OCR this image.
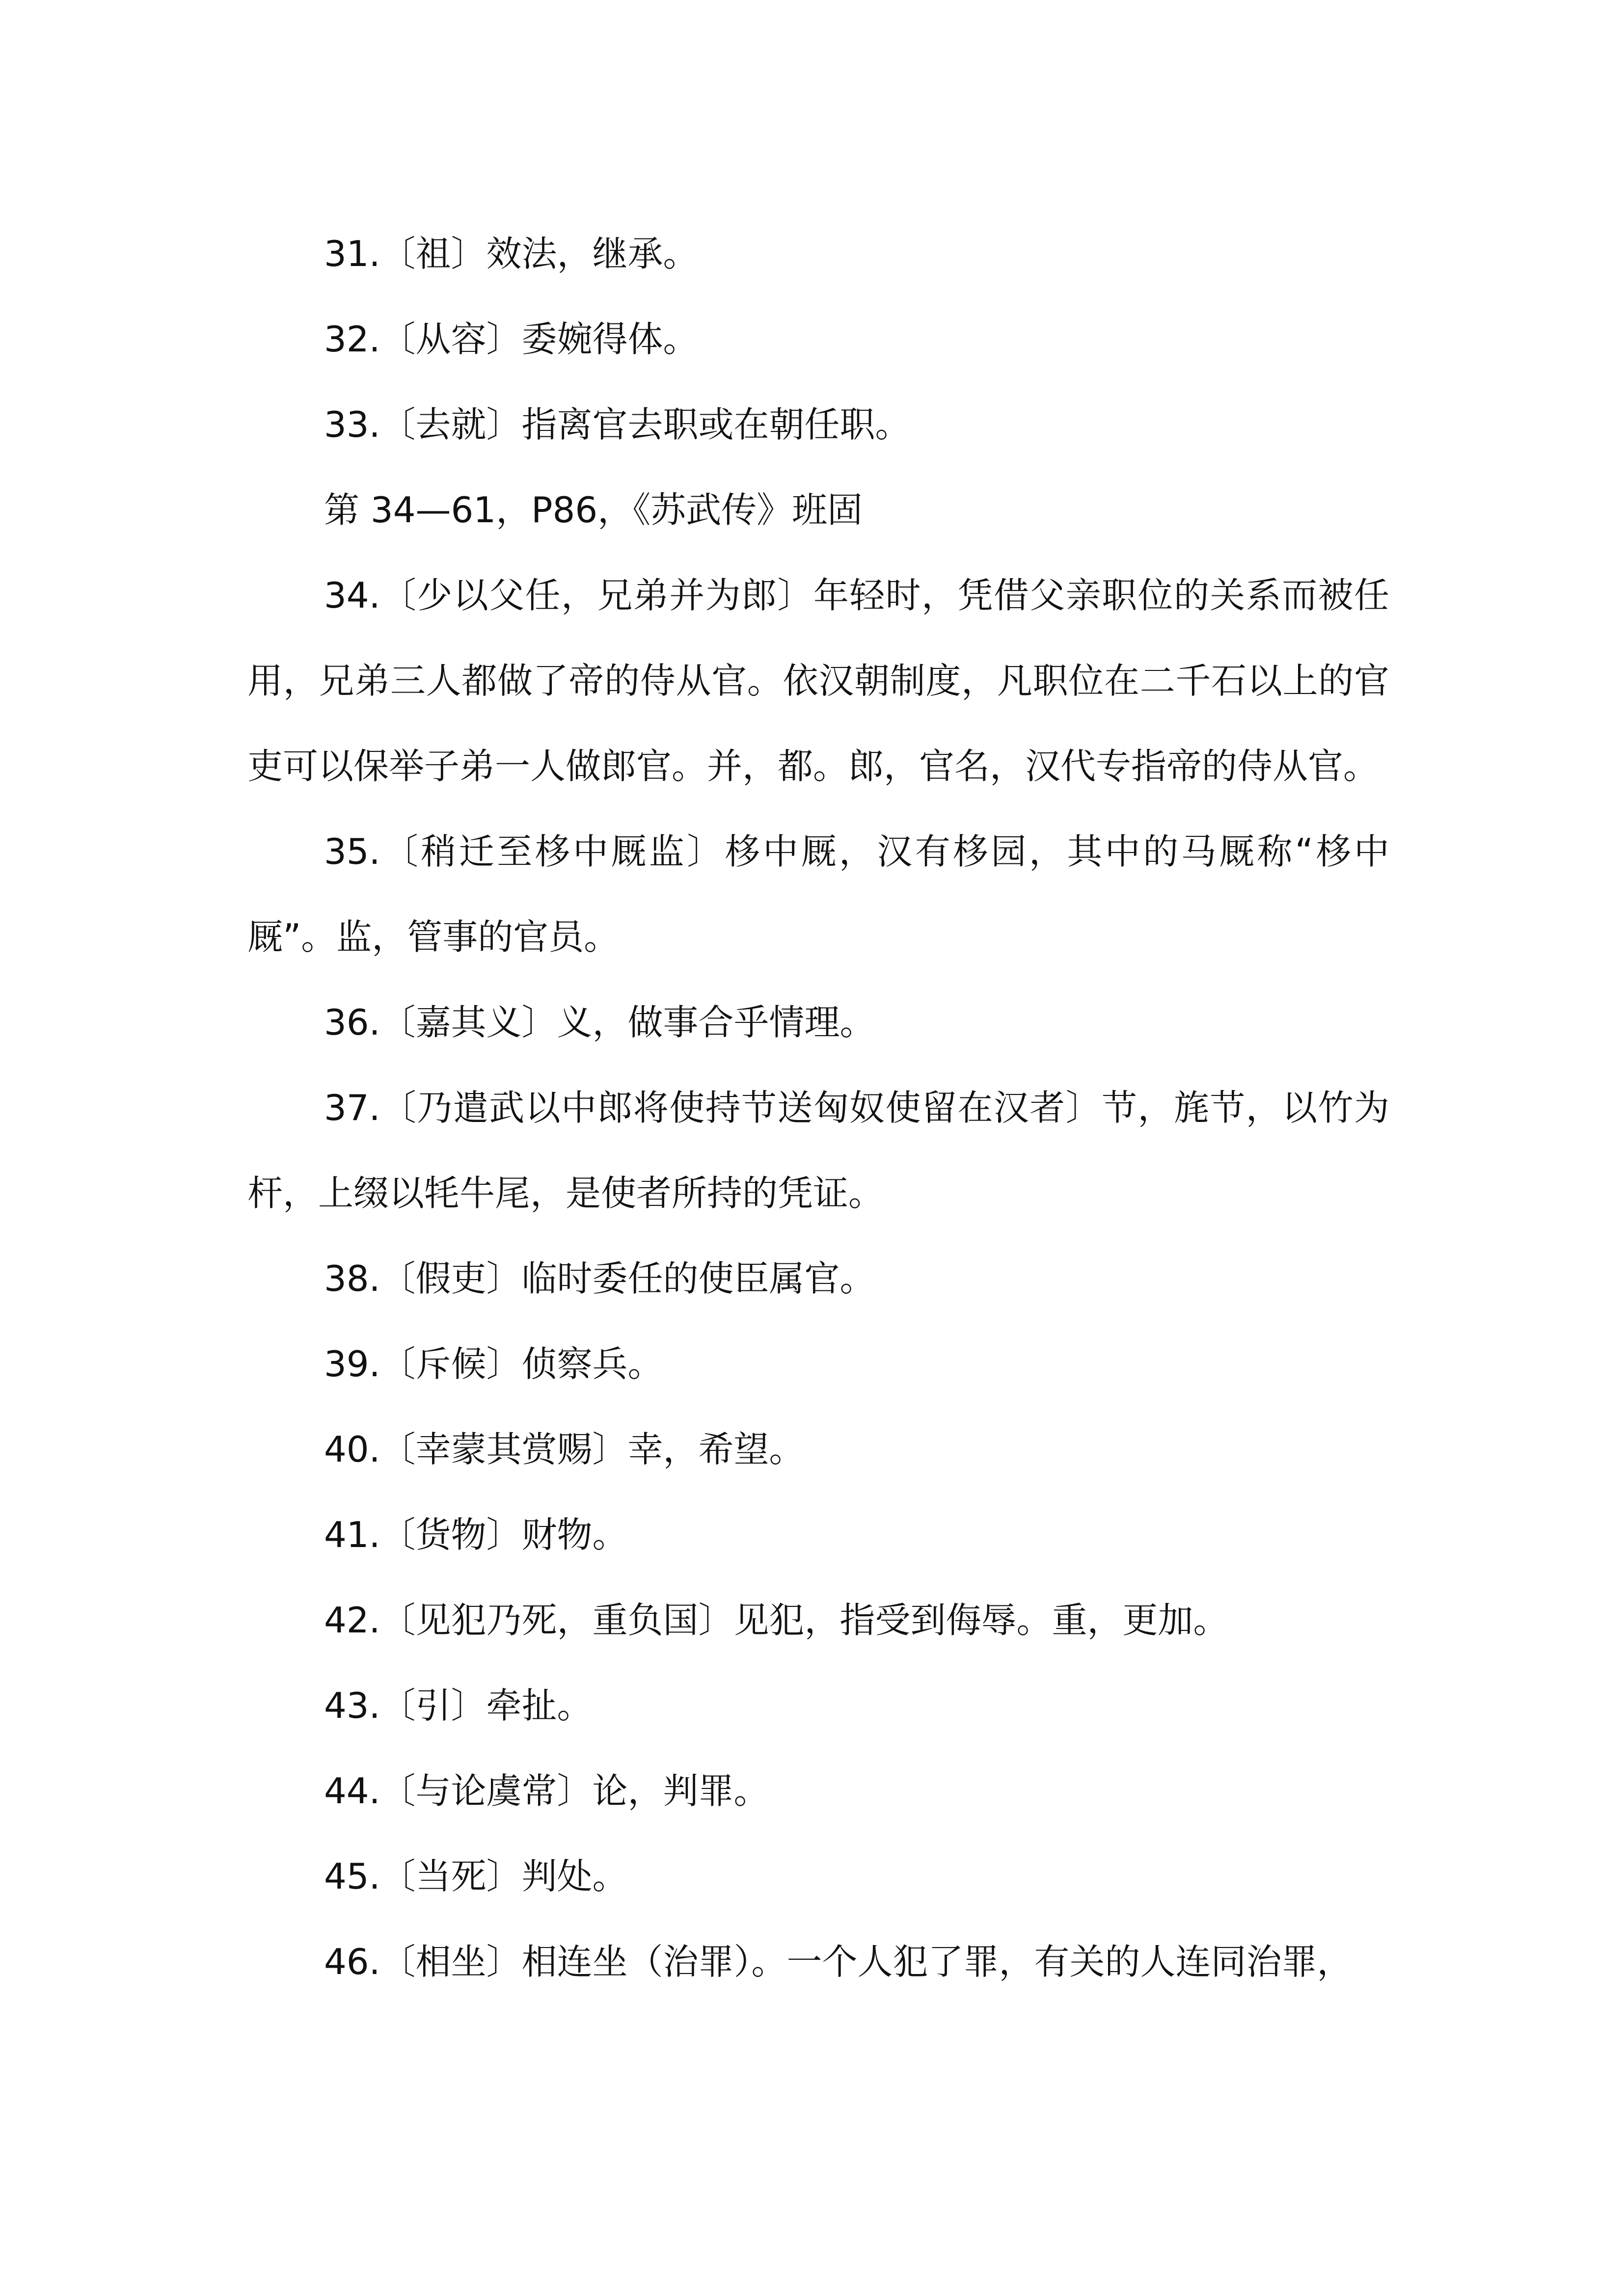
31.〔祖〕效法，继承。

32.〔从容〕委婉得体。

33.〔去就〕指离官去职或在朝任职。

第 34—61，P86，《苏武传》班固

34.〔少以父任，兄弟并为郎〕年轻时，凭借父亲职位的关系而被任用，兄弟三人都做了帝的侍从官。依汉朝制度，凡职位在二千石以上的官吏可以保举子弟一人做郎官。并，都。郎，官名，汉代专指帝的侍从官。

35.〔稍迁至栘中厩监〕栘中厩，汉有栘园，其中的马厩称“栘中厩”。监，管事的官员。

36.〔嘉其义〕义，做事合乎情理。

37.〔乃遣武以中郎将使持节送匈奴使留在汉者〕节，旄节，以竹为杆，上缀以牦牛尾，是使者所持的凭证。

38.〔假吏〕临时委任的使臣属官。

39.〔斥候〕侦察兵。

40.〔幸蒙其赏赐〕幸，希望。

41.〔货物〕财物。

42.〔见犯乃死，重负国〕见犯，指受到侮辱。重，更加。

43.〔引〕牵扯。

44.〔与论虞常〕论，判罪。

45.〔当死〕判处。

46.〔相坐〕相连坐（治罪）。一个人犯了罪，有关的人连同治罪，
